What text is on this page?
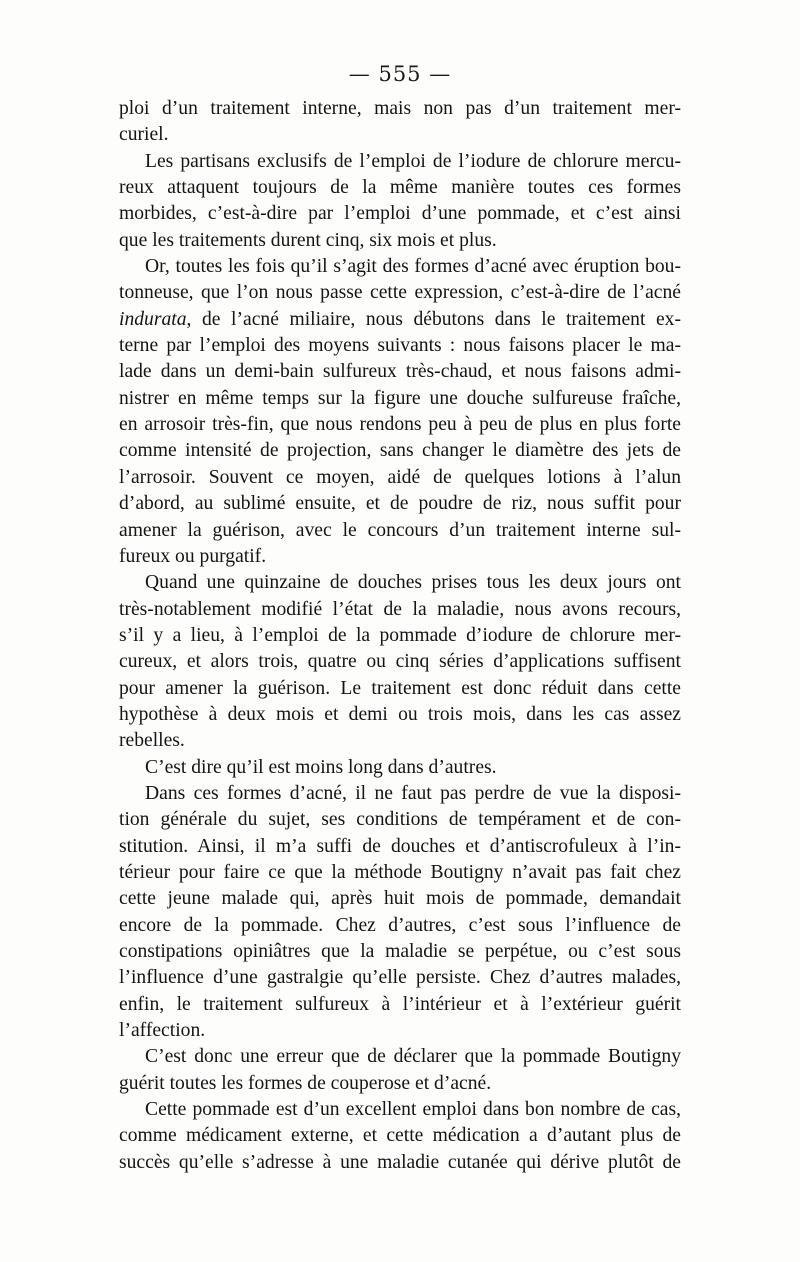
— 555 —

ploi d’un traitement interne, mais non pas d’un traitement mer-

curiel.

Les partisans exclusifs de l’emploi de l’iodure de chlorure mercu-

reux attaquent toujours de la même manière toutes ces formes

morbides, c’est-à-dire par l’emploi d’une pommade, et c’est ainsi

que les traitements durent cinq, six mois et plus.

Or, toutes les fois qu’il s’agit des formes d’acné avec éruption bou-

tonneuse, que l’on nous passe cette expression, c’est-à-dire de l’acné

indurata, de l’acné miliaire, nous débutons dans le traitement ex-

terne par l’emploi des moyens suivants : nous faisons placer le ma-

lade dans un demi-bain sulfureux très-chaud, et nous faisons admi-

nistrer en même temps sur la figure une douche sulfureuse fraîche,

en arrosoir très-fin, que nous rendons peu à peu de plus en plus forte

comme intensité de projection, sans changer le diamètre des jets de

l’arrosoir. Souvent ce moyen, aidé de quelques lotions à l’alun

d’abord, au sublimé ensuite, et de poudre de riz, nous suffit pour

amener la guérison, avec le concours d’un traitement interne sul-

fureux ou purgatif.

Quand une quinzaine de douches prises tous les deux jours ont

très-notablement modifié l’état de la maladie, nous avons recours,

s’il y a lieu, à l’emploi de la pommade d’iodure de chlorure mer-

cureux, et alors trois, quatre ou cinq séries d’applications suffisent

pour amener la guérison. Le traitement est donc réduit dans cette

hypothèse à deux mois et demi ou trois mois, dans les cas assez

rebelles.

C’est dire qu’il est moins long dans d’autres.

Dans ces formes d’acné, il ne faut pas perdre de vue la disposi-

tion générale du sujet, ses conditions de tempérament et de con-

stitution. Ainsi, il m’a suffi de douches et d’antiscrofuleux à l’in-

térieur pour faire ce que la méthode Boutigny n’avait pas fait chez

cette jeune malade qui, après huit mois de pommade, demandait

encore de la pommade. Chez d’autres, c’est sous l’influence de

constipations opiniâtres que la maladie se perpétue, ou c’est sous

l’influence d’une gastralgie qu’elle persiste. Chez d’autres malades,

enfin, le traitement sulfureux à l’intérieur et à l’extérieur guérit

l’affection.

C’est donc une erreur que de déclarer que la pommade Boutigny

guérit toutes les formes de couperose et d’acné.

Cette pommade est d’un excellent emploi dans bon nombre de cas,

comme médicament externe, et cette médication a d’autant plus de

succès qu’elle s’adresse à une maladie cutanée qui dérive plutôt de
